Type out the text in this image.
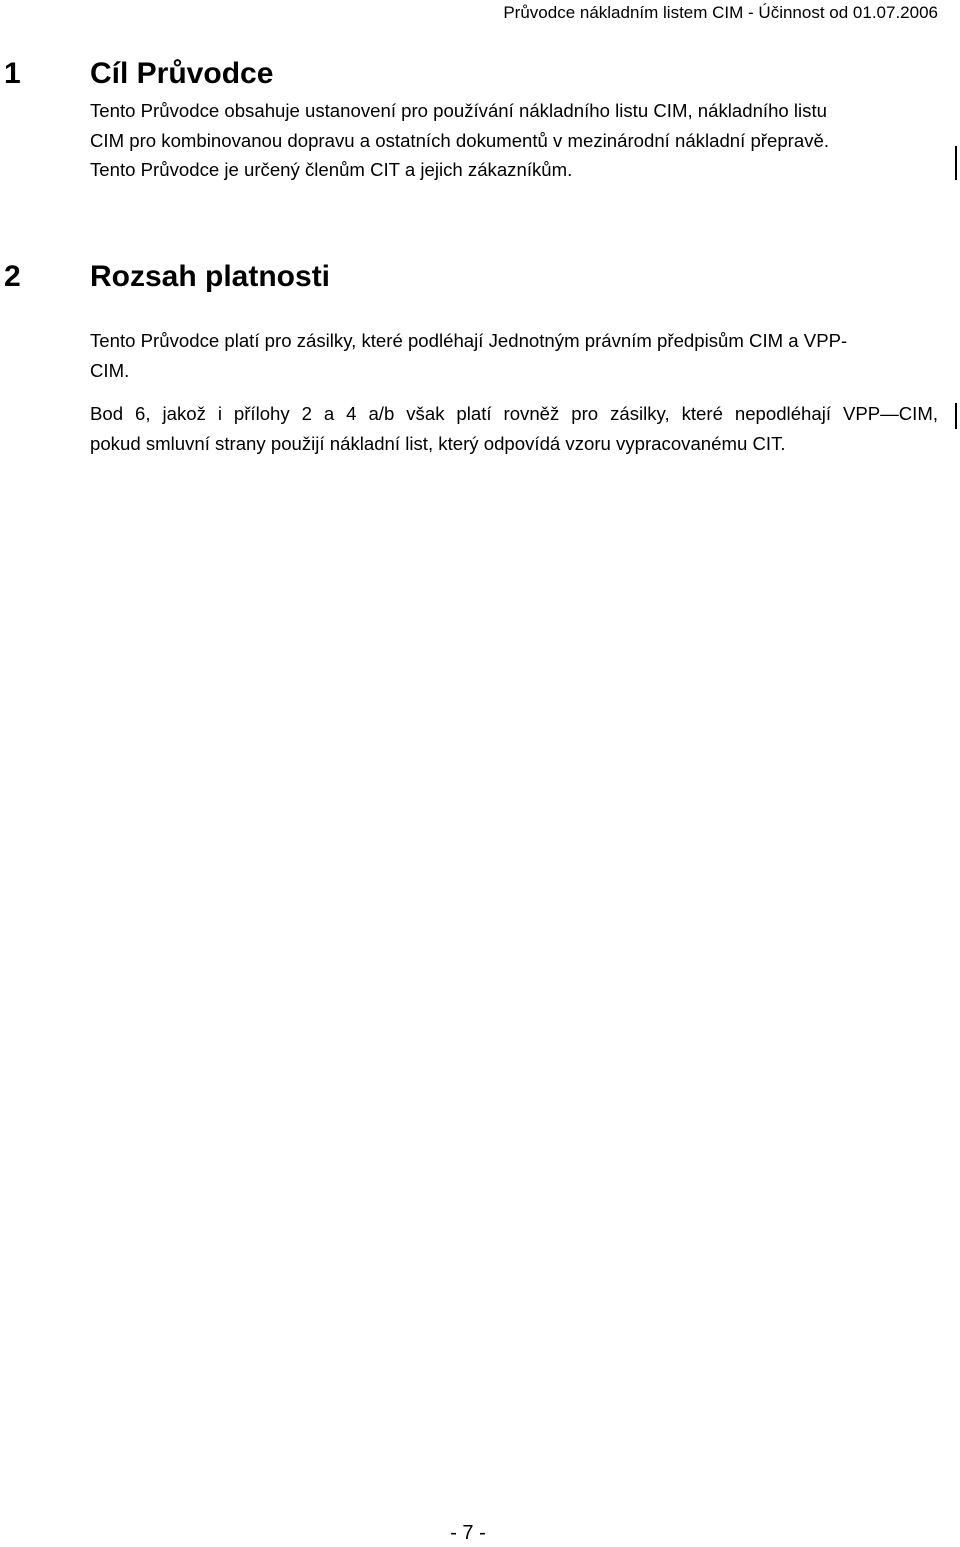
Průvodce nákladním listem CIM - Účinnost od 01.07.2006
1 Cíl Průvodce
Tento Průvodce obsahuje ustanovení pro používání nákladního listu CIM, nákladního listu
CIM pro kombinovanou dopravu a ostatních dokumentů v mezinárodní nákladní přepravě.
Tento Průvodce je určený členům CIT a jejich zákazníkům.
2 Rozsah platnosti
Tento Průvodce platí pro zásilky, které podléhají Jednotným právním předpisům CIM a VPP-
CIM.
Bod 6, jakož i přílohy 2 a 4 a/b však platí rovněž pro zásilky, které nepodléhají VPP—CIM,
pokud smluvní strany použijí nákladní list, který odpovídá vzoru vypracovanému CIT.
- 7 -
